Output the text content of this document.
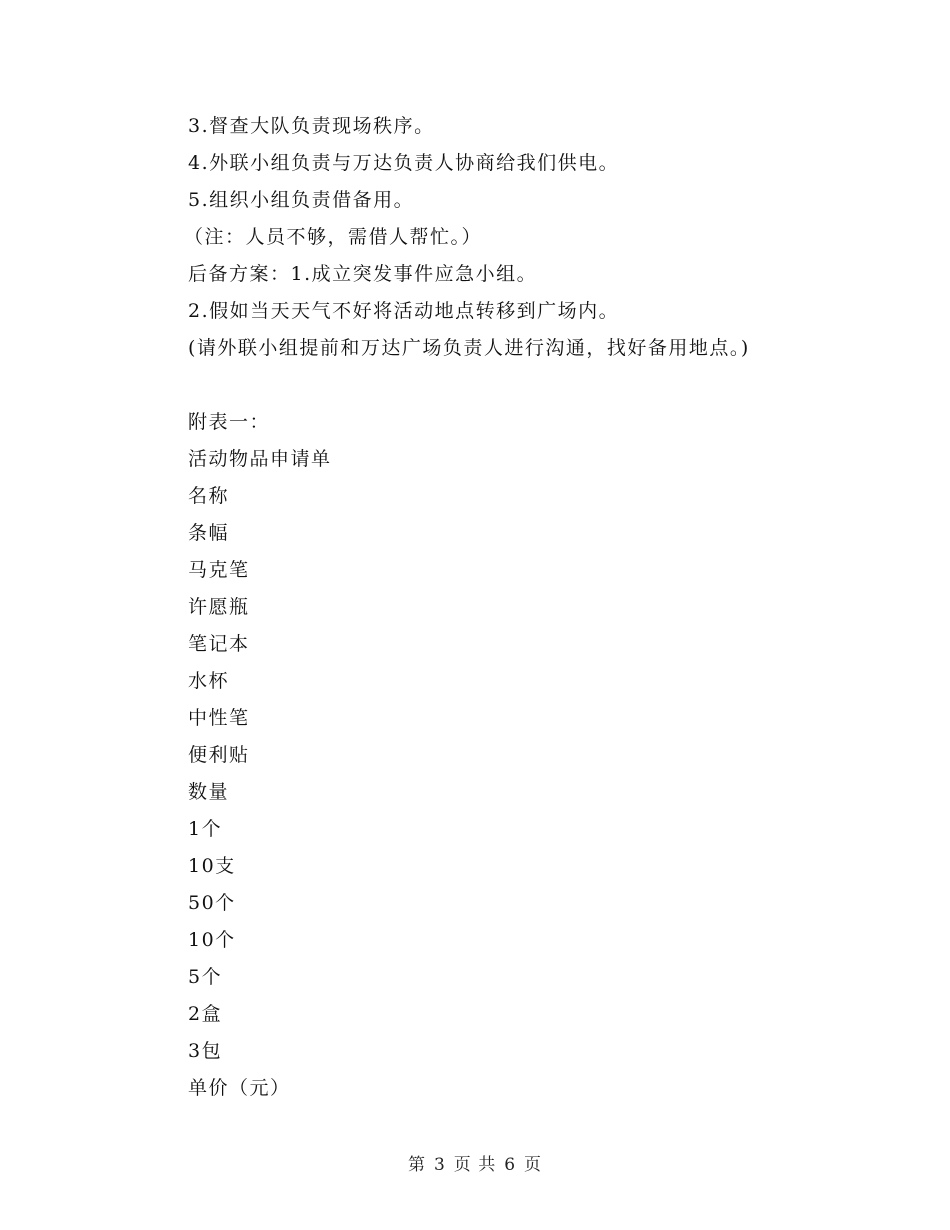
3.督查大队负责现场秩序。
4.外联小组负责与万达负责人协商给我们供电。
5.组织小组负责借备用。
（注：人员不够，需借人帮忙。）
后备方案：1.成立突发事件应急小组。
2.假如当天天气不好将活动地点转移到广场内。
(请外联小组提前和万达广场负责人进行沟通，找好备用地点。)
附表一：
活动物品申请单
名称
条幅
马克笔
许愿瓶
笔记本
水杯
中性笔
便利贴
数量
1个
10支
50个
10个
5个
2盒
3包
单价（元）
第 3 页 共 6 页
